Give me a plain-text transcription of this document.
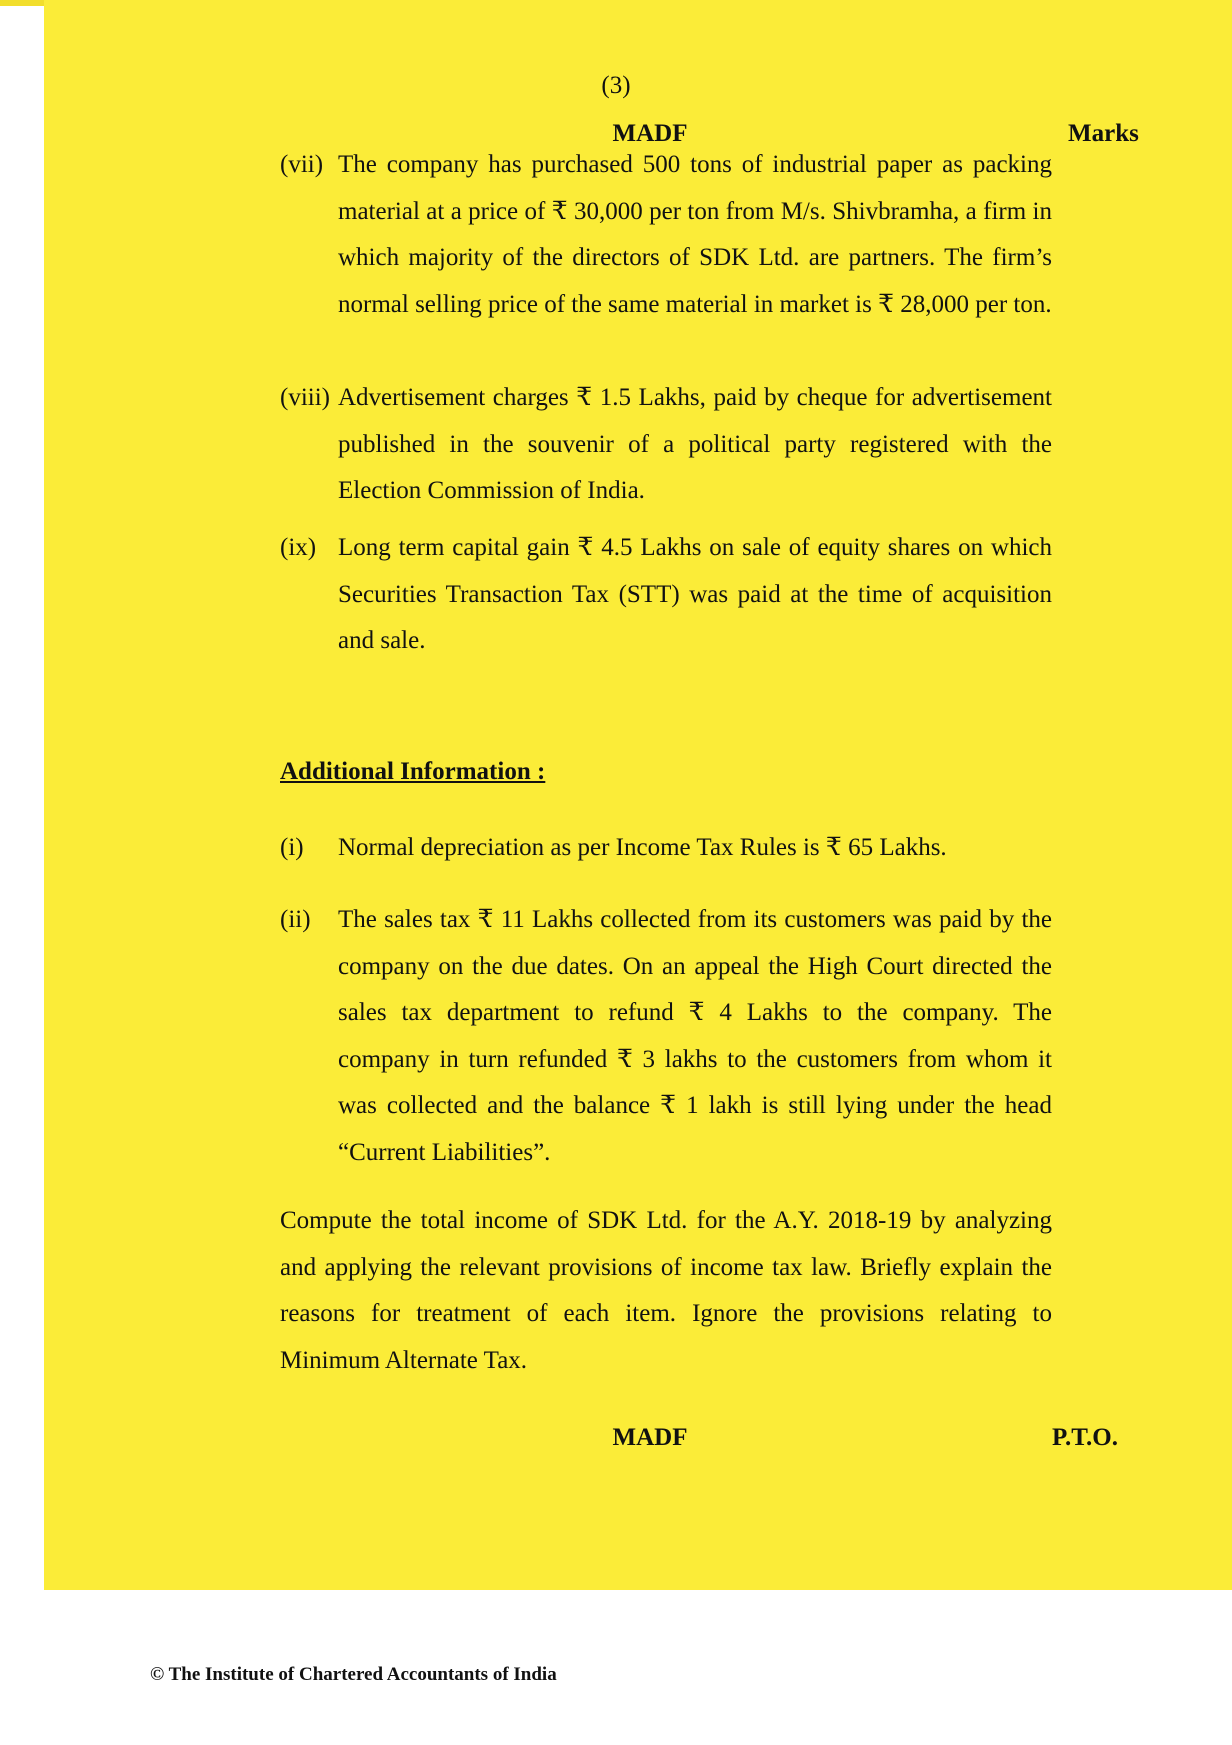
(3)
MADF	Marks
(vii) The company has purchased 500 tons of industrial paper as packing material at a price of ₹ 30,000 per ton from M/s. Shivbramha, a firm in which majority of the directors of SDK Ltd. are partners. The firm’s normal selling price of the same material in market is ₹ 28,000 per ton.
(viii) Advertisement charges ₹ 1.5 Lakhs, paid by cheque for advertisement published in the souvenir of a political party registered with the Election Commission of India.
(ix) Long term capital gain ₹ 4.5 Lakhs on sale of equity shares on which Securities Transaction Tax (STT) was paid at the time of acquisition and sale.
Additional Information :
(i) Normal depreciation as per Income Tax Rules is ₹ 65 Lakhs.
(ii) The sales tax ₹ 11 Lakhs collected from its customers was paid by the company on the due dates. On an appeal the High Court directed the sales tax department to refund ₹ 4 Lakhs to the company. The company in turn refunded ₹ 3 lakhs to the customers from whom it was collected and the balance ₹ 1 lakh is still lying under the head “Current Liabilities”.
Compute the total income of SDK Ltd. for the A.Y. 2018-19 by analyzing and applying the relevant provisions of income tax law. Briefly explain the reasons for treatment of each item. Ignore the provisions relating to Minimum Alternate Tax.
MADF	P.T.O.
© The Institute of Chartered Accountants of India
